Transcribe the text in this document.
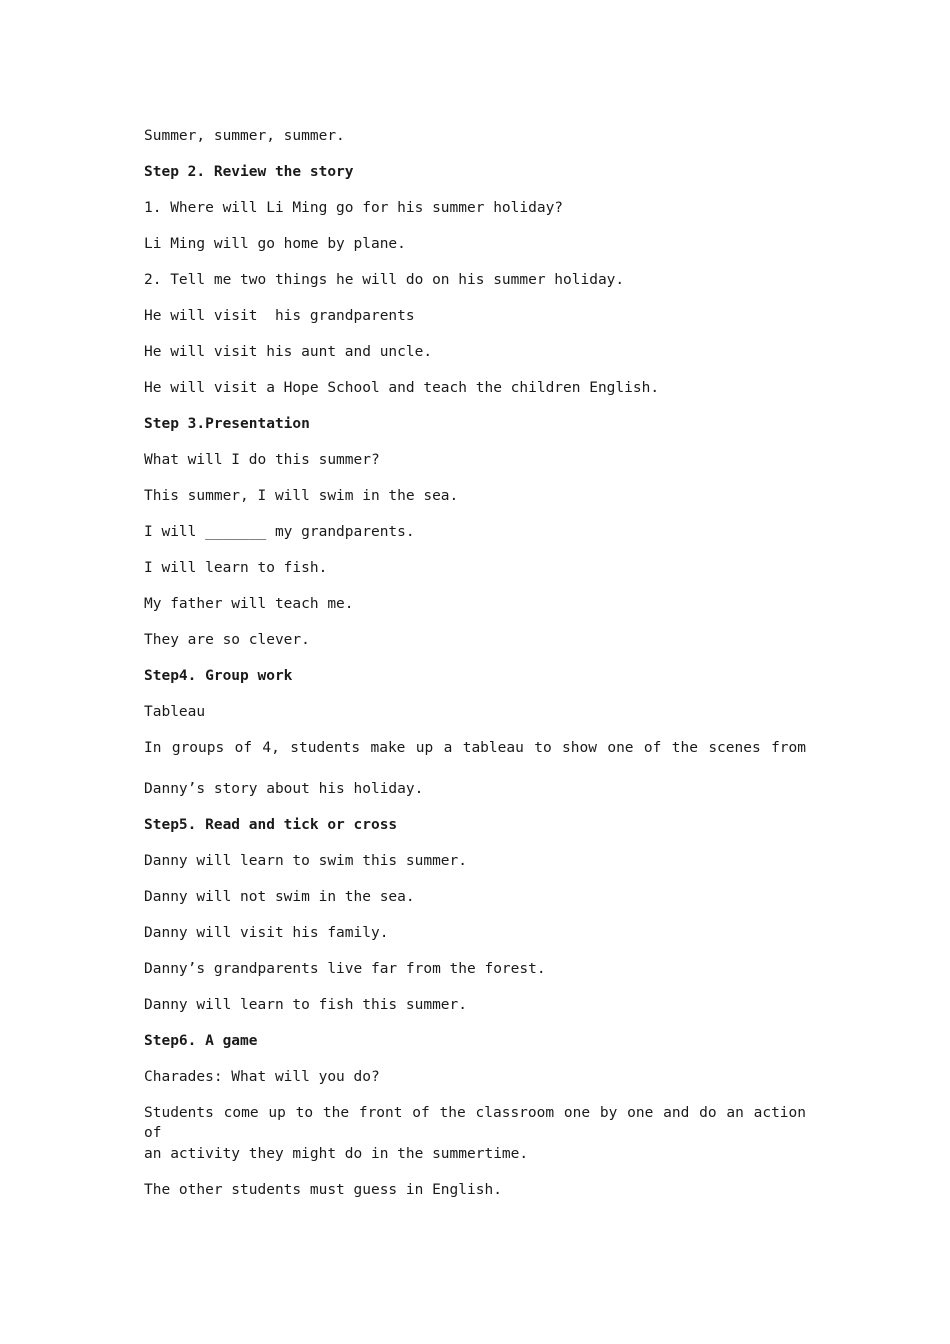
Summer, summer, summer.
Step 2. Review the story
1. Where will Li Ming go for his summer holiday?
Li Ming will go home by plane.
2. Tell me two things he will do on his summer holiday.
He will visit  his grandparents
He will visit his aunt and uncle.
He will visit a Hope School and teach the children English.
Step 3.Presentation
What will I do this summer?
This summer, I will swim in the sea.
I will _______ my grandparents.
I will learn to fish.
My father will teach me.
They are so clever.
Step4. Group work
Tableau
In groups of 4, students make up a tableau to show one of the scenes from
Danny’s story about his holiday.
Step5. Read and tick or cross
Danny will learn to swim this summer.
Danny will not swim in the sea.
Danny will visit his family.
Danny’s grandparents live far from the forest.
Danny will learn to fish this summer.
Step6. A game
Charades: What will you do?
Students come up to the front of the classroom one by one and do an action of
an activity they might do in the summertime.
The other students must guess in English.
